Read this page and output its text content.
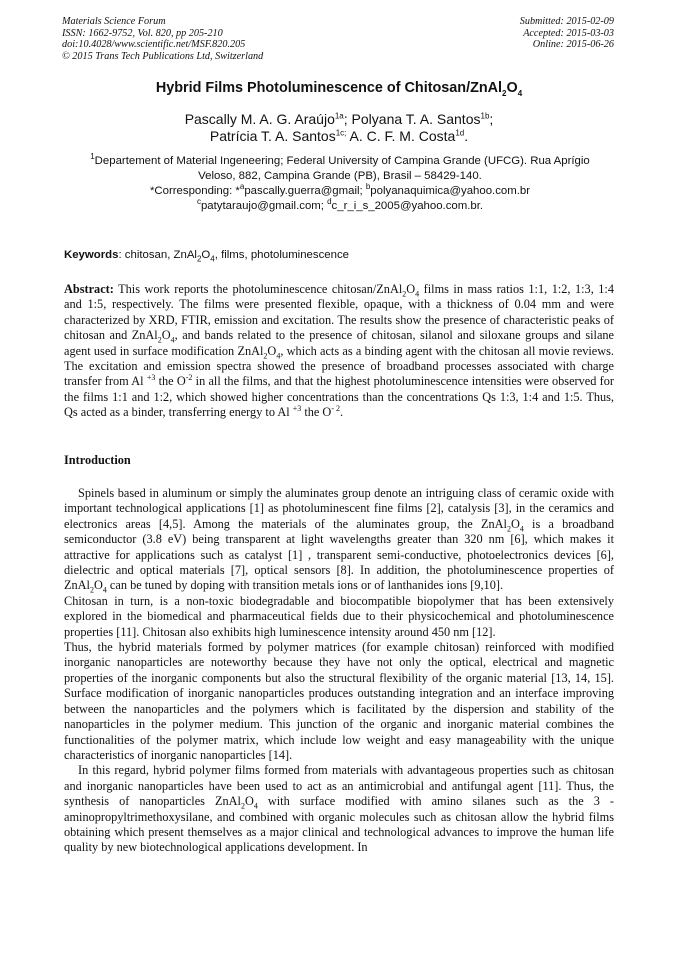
Materials Science Forum
ISSN: 1662-9752, Vol. 820, pp 205-210
doi:10.4028/www.scientific.net/MSF.820.205
© 2015 Trans Tech Publications Ltd, Switzerland
Submitted: 2015-02-09
Accepted: 2015-03-03
Online: 2015-06-26
Hybrid Films Photoluminescence of Chitosan/$ZnAl_2O_4$
Pascally M. A. G. Araújo$^{1a}$; Polyana T. A. Santos$^{1b}$;
Patrícia T. A. Santos$^{1c;}$ A. C. F. M. Costa$^{1d}$.
$^1$Departement of Material Ingeneering; Federal University of Campina Grande (UFCG). Rua Aprígio
Veloso, 882, Campina Grande (PB), Brasil – 58429-140.
*Corresponding: *$^a$pascally.guerra@gmail; $^b$polyanaquimica@yahoo.com.br
$^c$patytaraujo@gmail.com; $^d$c_r_i_s_2005@yahoo.com.br.
Keywords: chitosan, $ZnAl_2O_4$, films, photoluminescence
Abstract: This work reports the photoluminescence chitosan/$ZnAl_2O_4$ films in mass ratios 1:1, 1:2, 1:3, 1:4 and 1:5, respectively. The films were presented flexible, opaque, with a thickness of 0.04 mm and were characterized by XRD, FTIR, emission and excitation. The results show the presence of characteristic peaks of chitosan and $ZnAl_2O_4$, and bands related to the presence of chitosan, silanol and siloxane groups and silane agent used in surface modification $ZnAl_2O_4$, which acts as a binding agent with the chitosan all movie reviews. The excitation and emission spectra showed the presence of broadband processes associated with charge transfer from Al $^{+3}$ the $O^{-2}$ in all the films, and that the highest photoluminescence intensities were observed for the films 1:1 and 1:2, which showed higher concentrations than the concentrations Qs 1:3, 1:4 and 1:5. Thus, Qs acted as a binder, transferring energy to Al $^{+3}$ the $O^{- 2}$.
Introduction

Spinels based in aluminum or simply the aluminates group denote an intriguing class of ceramic oxide with important technological applications [1] as photoluminescent fine films [2], catalysis [3], in the ceramics and electronics areas [4,5]. Among the materials of the aluminates group, the $ZnAl_2O_4$ is a broadband semiconductor (3.8 eV) being transparent at light wavelengths greater than 320 nm [6], which makes it attractive for applications such as catalyst [1] , transparent semi-conductive, photoelectronics devices [6], dielectric and optical materials [7], optical sensors [8]. In addition, the photoluminescence properties of $ZnAl_2O_4$ can be tuned by doping with transition metals ions or of lanthanides ions [9,10].

Chitosan in turn, is a non-toxic biodegradable and biocompatible biopolymer that has been extensively explored in the biomedical and pharmaceutical fields due to their physicochemical and photoluminescence properties [11]. Chitosan also exhibits high luminescence intensity around 450 nm [12].

Thus, the hybrid materials formed by polymer matrices (for example chitosan) reinforced with modified inorganic nanoparticles are noteworthy because they have not only the optical, electrical and magnetic properties of the inorganic components but also the structural flexibility of the organic material [13, 14, 15]. Surface modification of inorganic nanoparticles produces outstanding integration and an interface improving between the nanoparticles and the polymers which is facilitated by the dispersion and stability of the nanoparticles in the polymer medium. This junction of the organic and inorganic material combines the functionalities of the polymer matrix, which include low weight and easy manageability with the unique characteristics of inorganic nanoparticles [14].

In this regard, hybrid polymer films formed from materials with advantageous properties such as chitosan and inorganic nanoparticles have been used to act as an antimicrobial and antifungal agent [11]. Thus, the synthesis of nanoparticles $ZnAl_2O_4$ with surface modified with amino silanes such as the 3 - aminopropyltrimethoxysilane, and combined with organic molecules such as chitosan allow the hybrid films obtaining which present themselves as a major clinical and technological advances to improve the human life quality by new biotechnological applications development. In
